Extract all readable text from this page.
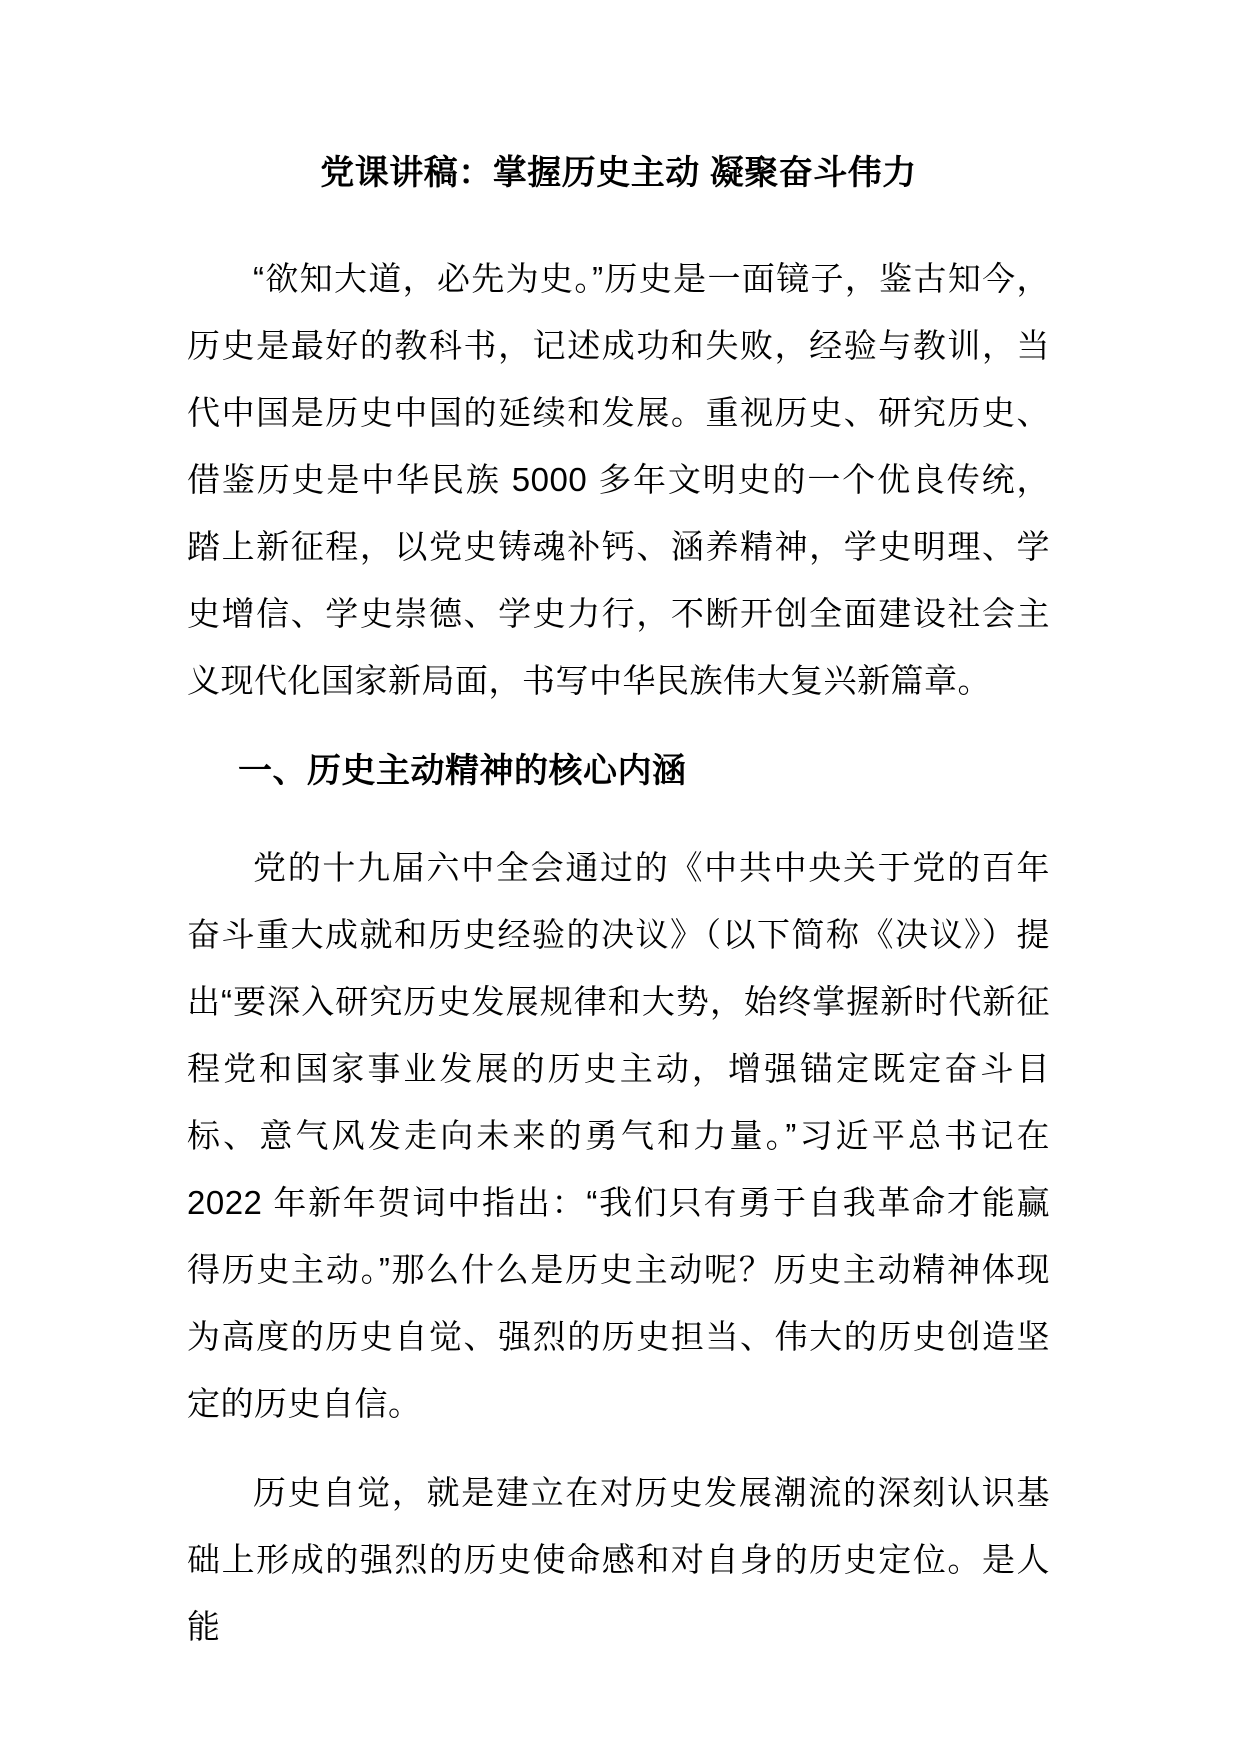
党课讲稿：掌握历史主动 凝聚奋斗伟力

“欲知大道，必先为史。”历史是一面镜子，鉴古知今，历史是最好的教科书，记述成功和失败，经验与教训，当代中国是历史中国的延续和发展。重视历史、研究历史、借鉴历史是中华民族 5000 多年文明史的一个优良传统，踏上新征程，以党史铸魂补钙、涵养精神，学史明理、学史增信、学史崇德、学史力行，不断开创全面建设社会主义现代化国家新局面，书写中华民族伟大复兴新篇章。

一、历史主动精神的核心内涵

党的十九届六中全会通过的《中共中央关于党的百年奋斗重大成就和历史经验的决议》（以下简称《决议》）提出“要深入研究历史发展规律和大势，始终掌握新时代新征程党和国家事业发展的历史主动，增强锚定既定奋斗目标、意气风发走向未来的勇气和力量。”习近平总书记在 2022 年新年贺词中指出：“我们只有勇于自我革命才能赢得历史主动。”那么什么是历史主动呢？历史主动精神体现为高度的历史自觉、强烈的历史担当、伟大的历史创造坚定的历史自信。

历史自觉，就是建立在对历史发展潮流的深刻认识基础上形成的强烈的历史使命感和对自身的历史定位。是人能
